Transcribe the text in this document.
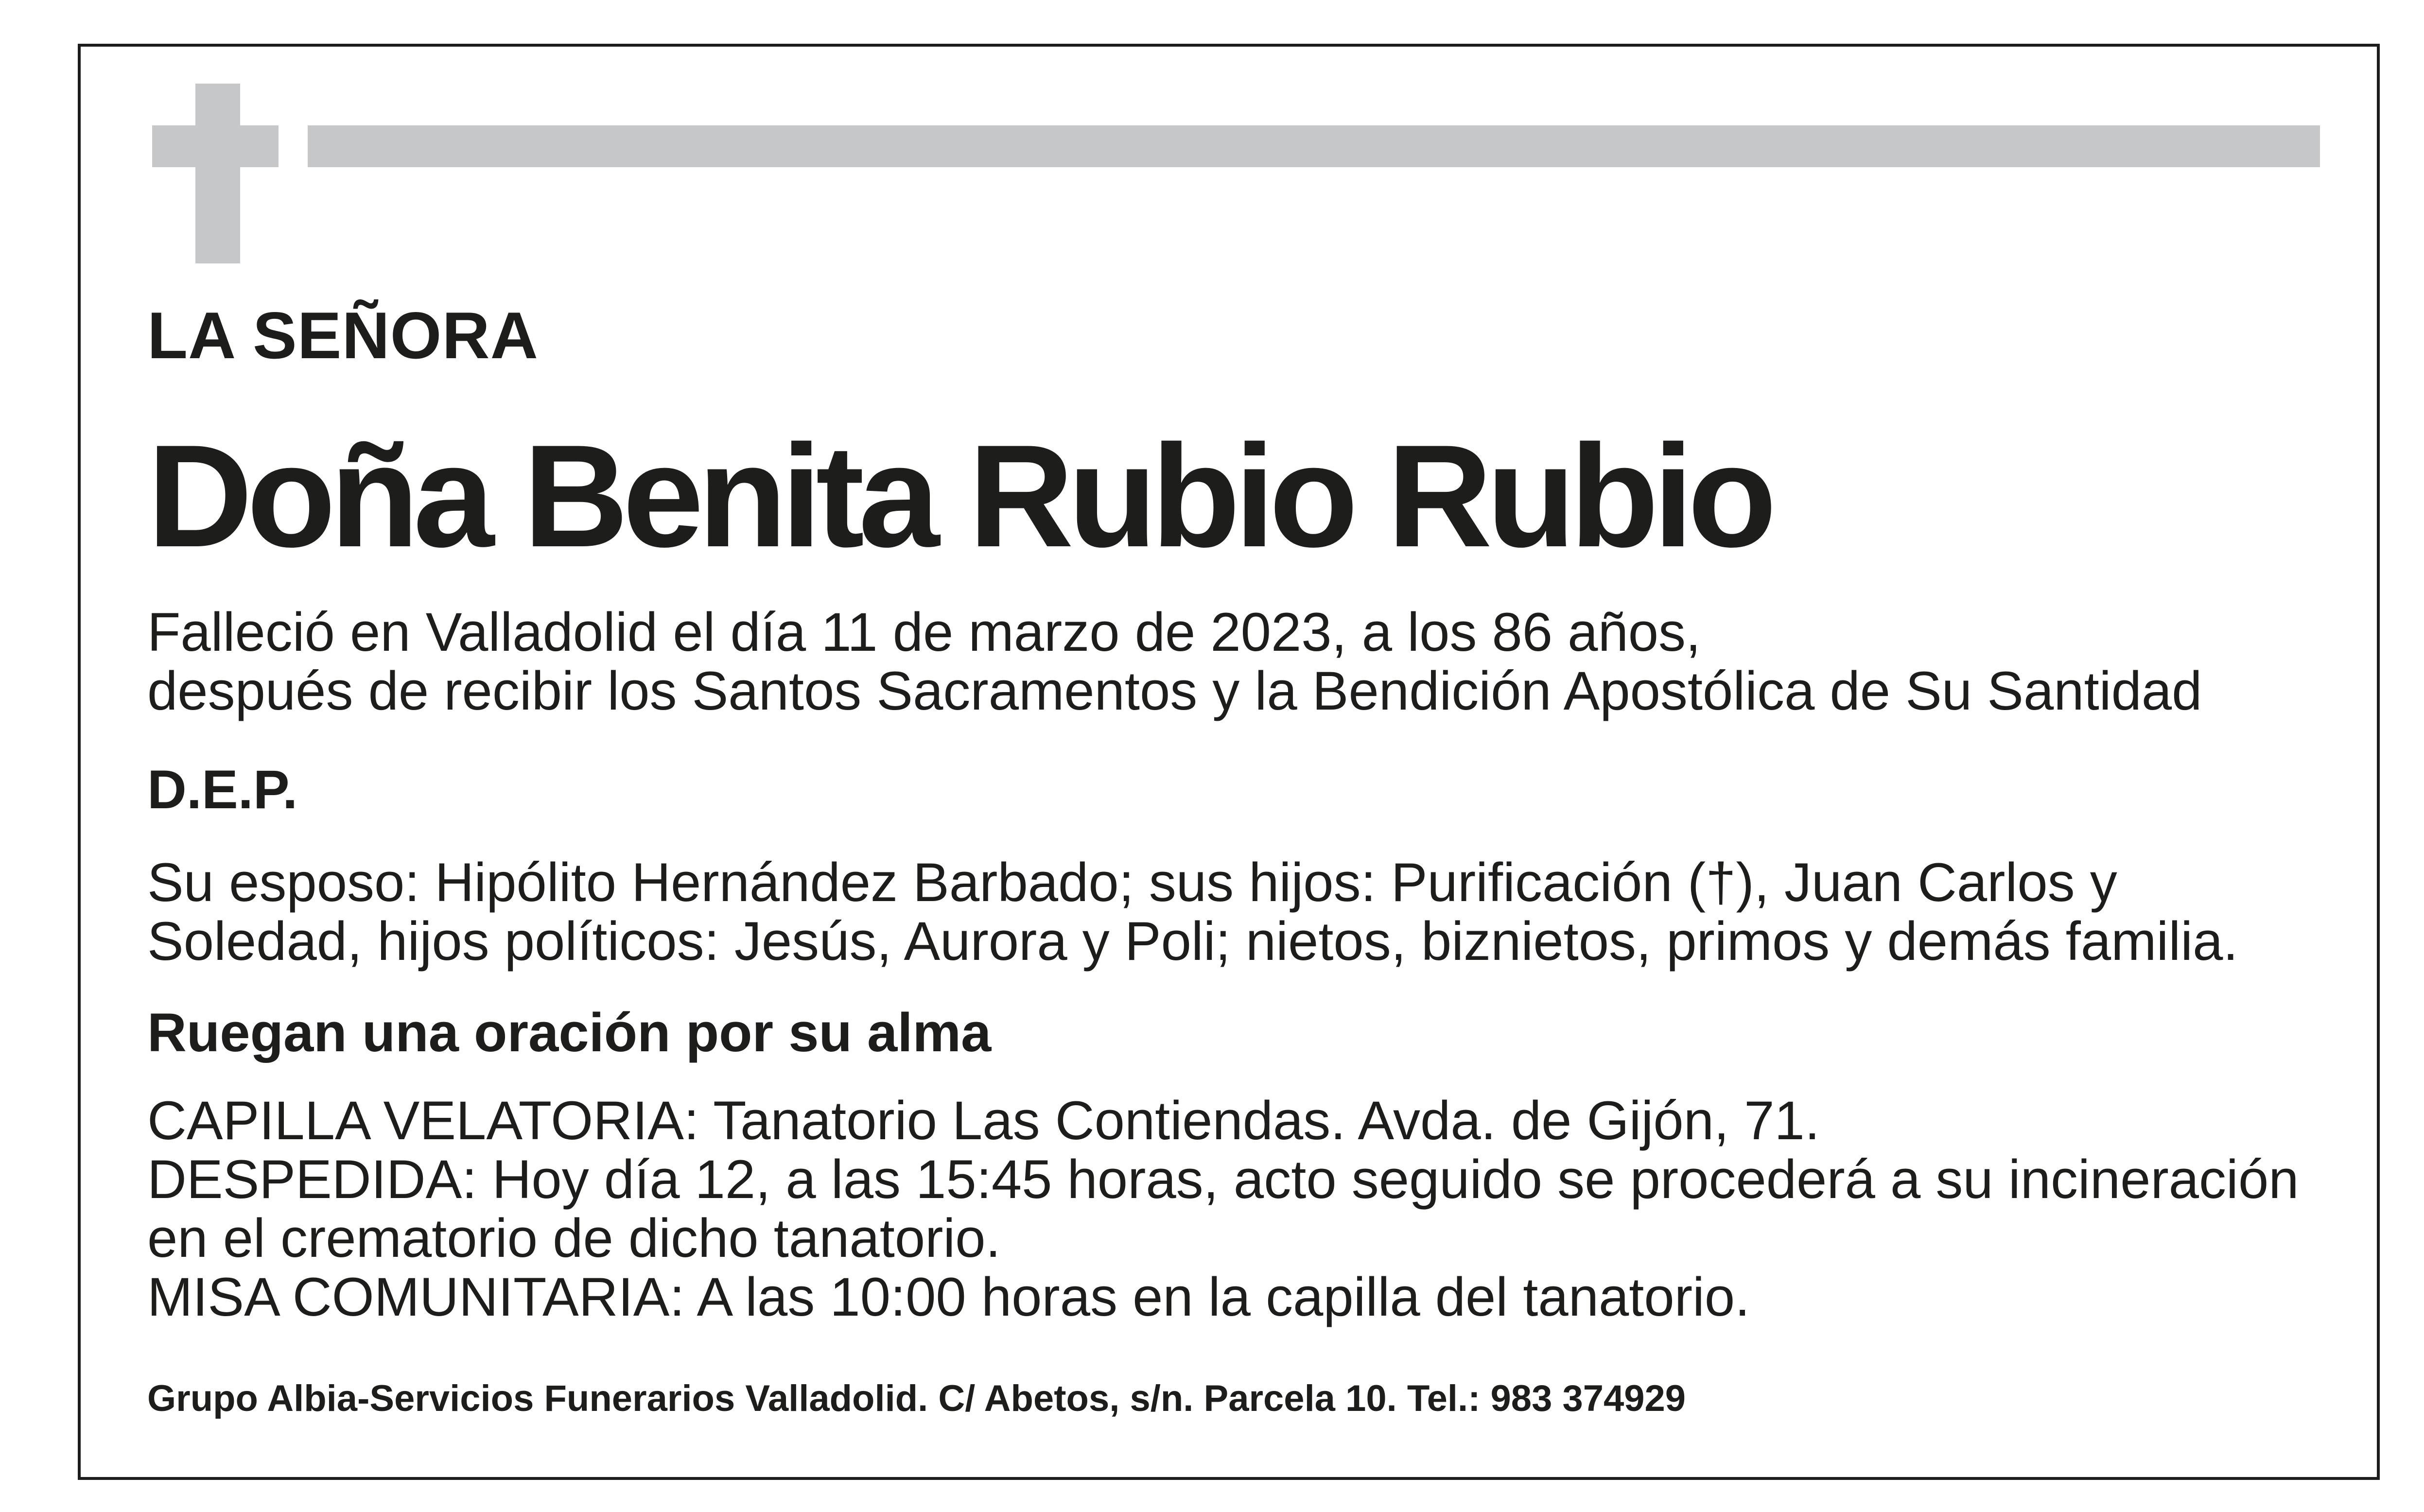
LA SEÑORA

Doña Benita Rubio Rubio
Falleció en Valladolid el día 11 de marzo de 2023, a los 86 años,
después de recibir los Santos Sacramentos y la Bendición Apostólica de Su Santidad

D.E.P.

Su esposo: Hipólito Hernández Barbado; sus hijos: Purificación (†), Juan Carlos y
Soledad, hijos políticos: Jesús, Aurora y Poli; nietos, biznietos, primos y demás familia.

Ruegan una oración por su alma

CAPILLA VELATORIA: Tanatorio Las Contiendas. Avda. de Gijón, 71.
DESPEDIDA: Hoy día 12, a las 15:45 horas, acto seguido se procederá a su incineración
en el crematorio de dicho tanatorio.
MISA COMUNITARIA: A las 10:00 horas en la capilla del tanatorio.

Grupo Albia-Servicios Funerarios Valladolid. C/ Abetos, s/n. Parcela 10. Tel.: 983 374929
